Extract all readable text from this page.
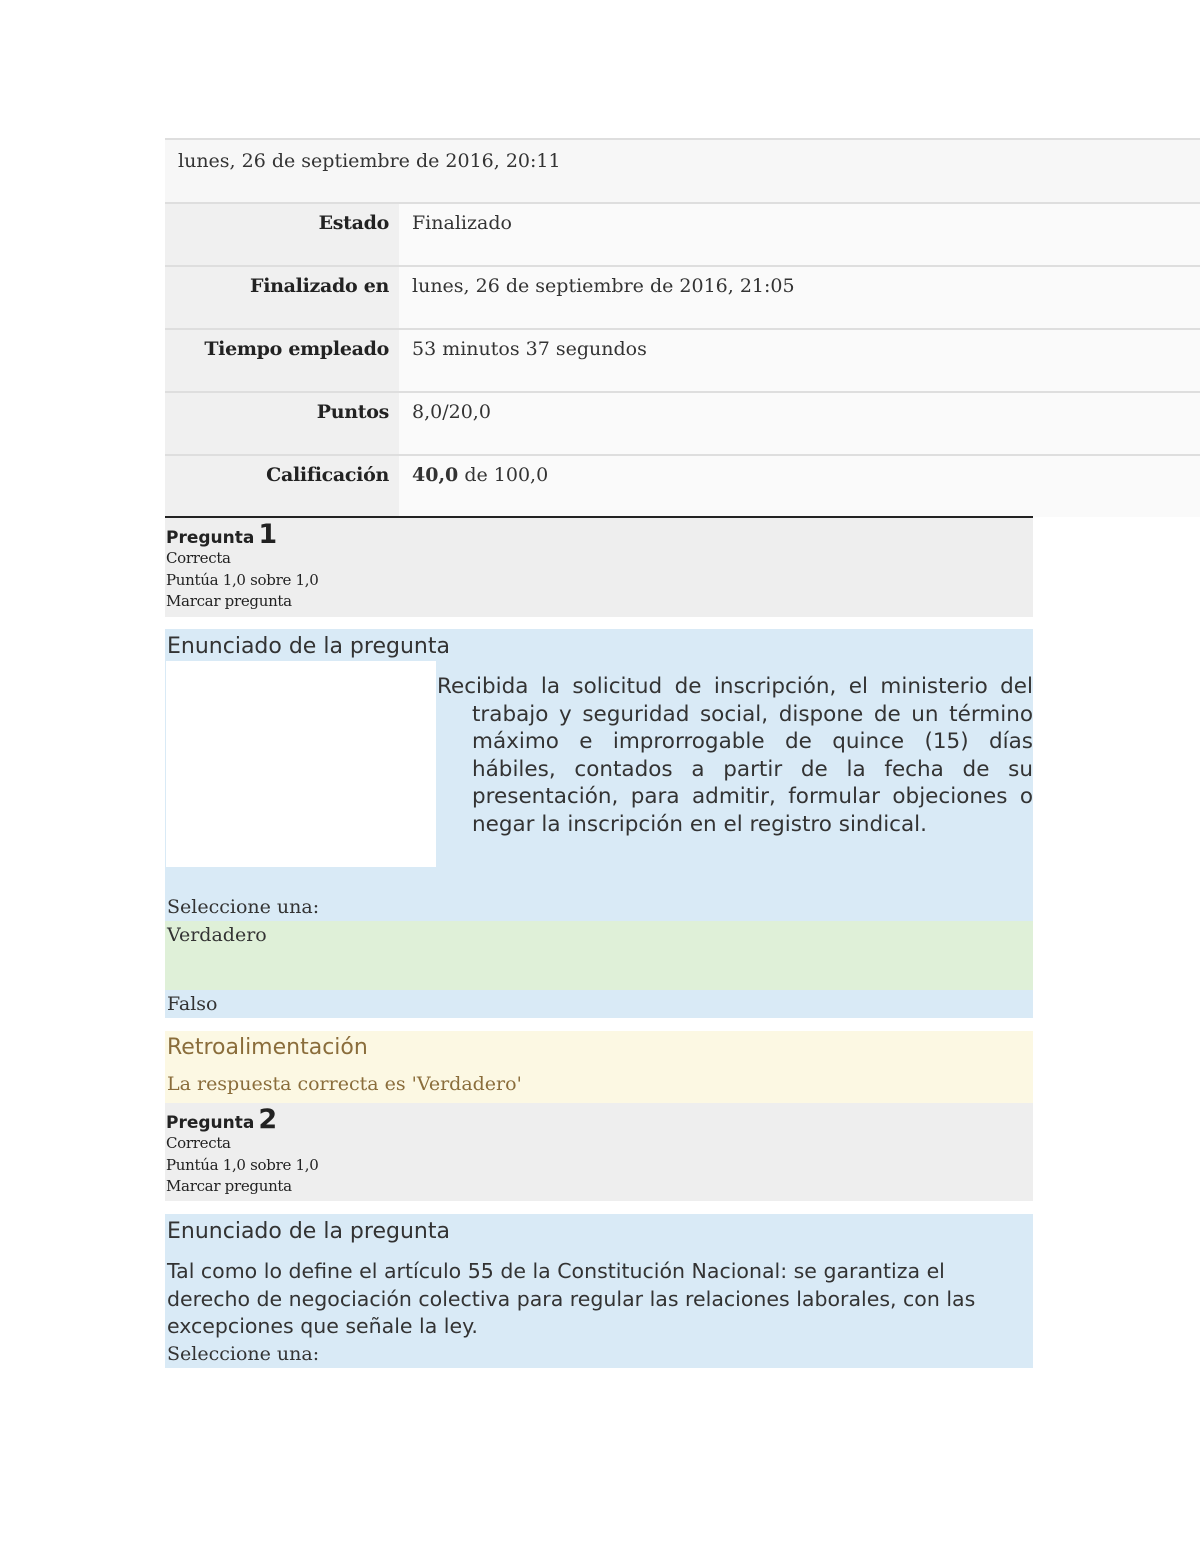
lunes, 26 de septiembre de 2016, 20:11
Estado	Finalizado
Finalizado en	lunes, 26 de septiembre de 2016, 21:05
Tiempo empleado	53 minutos 37 segundos
Puntos	8,0/20,0
Calificación	40,0 de 100,0
Pregunta 1
Correcta
Puntúa 1,0 sobre 1,0
Marcar pregunta
Enunciado de la pregunta
Recibida la solicitud de inscripción, el ministerio del trabajo y seguridad social, dispone de un término máximo e improrrogable de quince (15) días hábiles, contados a partir de la fecha de su presentación, para admitir, formular objeciones o negar la inscripción en el registro sindical.
Seleccione una:
Verdadero
Falso
Retroalimentación
La respuesta correcta es 'Verdadero'
Pregunta 2
Correcta
Puntúa 1,0 sobre 1,0
Marcar pregunta
Enunciado de la pregunta
Tal como lo define el artículo 55 de la Constitución Nacional: se garantiza el derecho de negociación colectiva para regular las relaciones laborales, con las excepciones que señale la ley.
Seleccione una:
